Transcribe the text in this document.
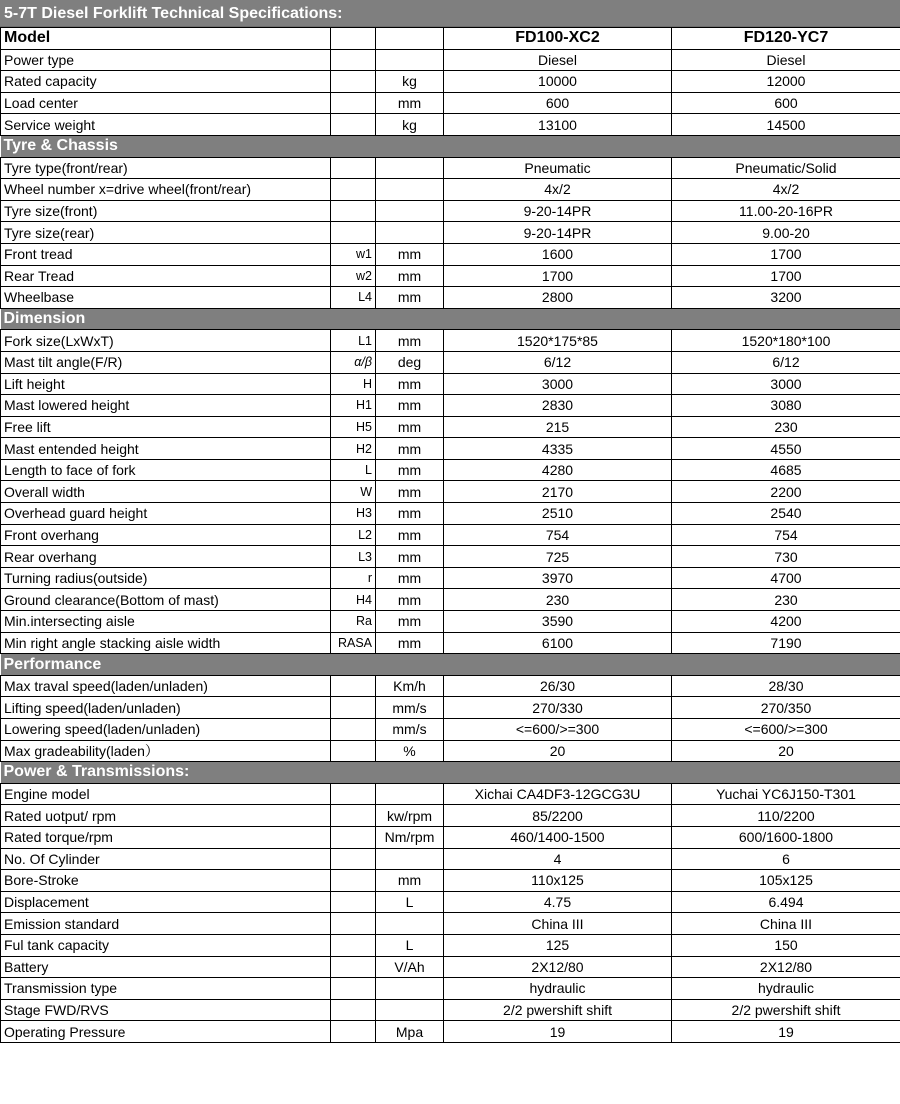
5-7T Diesel Forklift Technical Specifications:
Model			FD100-XC2	FD120-YC7
Power type			Diesel	Diesel
Rated capacity		kg	10000	12000
Load center		mm	600	600
Service weight		kg	13100	14500
Tyre & Chassis				
Tyre type(front/rear)			Pneumatic	Pneumatic/Solid
Wheel number x=drive wheel(front/rear)			4x/2	4x/2
Tyre size(front)			9-20-14PR	11.00-20-16PR
Tyre size(rear)			9-20-14PR	9.00-20
Front tread	w1	mm	1600	1700
Rear Tread	w2	mm	1700	1700
Wheelbase	L4	mm	2800	3200
Dimension				
Fork size(LxWxT)	L1	mm	1520*175*85	1520*180*100
Mast tilt angle(F/R)	α/β	deg	6/12	6/12
Lift height	H	mm	3000	3000
Mast lowered height	H1	mm	2830	3080
Free lift	H5	mm	215	230
Mast entended height	H2	mm	4335	4550
Length to face of fork	L	mm	4280	4685
Overall width	W	mm	2170	2200
Overhead guard height	H3	mm	2510	2540
Front overhang	L2	mm	754	754
Rear overhang	L3	mm	725	730
Turning radius(outside)	r	mm	3970	4700
Ground clearance(Bottom of mast)	H4	mm	230	230
Min.intersecting aisle	Ra	mm	3590	4200
Min right angle stacking aisle width	RASA	mm	6100	7190
Performance				
Max traval speed(laden/unladen)		Km/h	26/30	28/30
Lifting speed(laden/unladen)		mm/s	270/330	270/350
Lowering speed(laden/unladen)		mm/s	<=600/>=300	<=600/>=300
Max gradeability(laden）		%	20	20
Power & Transmissions:				
Engine model			Xichai CA4DF3-12GCG3U	Yuchai YC6J150-T301
Rated uotput/ rpm		kw/rpm	85/2200	110/2200
Rated torque/rpm		Nm/rpm	460/1400-1500	600/1600-1800
No. Of Cylinder			4	6
Bore-Stroke		mm	110x125	105x125
Displacement		L	4.75	6.494
Emission standard			China III	China III
Ful tank capacity		L	125	150
Battery		V/Ah	2X12/80	2X12/80
Transmission type			hydraulic	hydraulic
Stage FWD/RVS			2/2 pwershift shift	2/2 pwershift shift
Operating Pressure		Mpa	19	19
